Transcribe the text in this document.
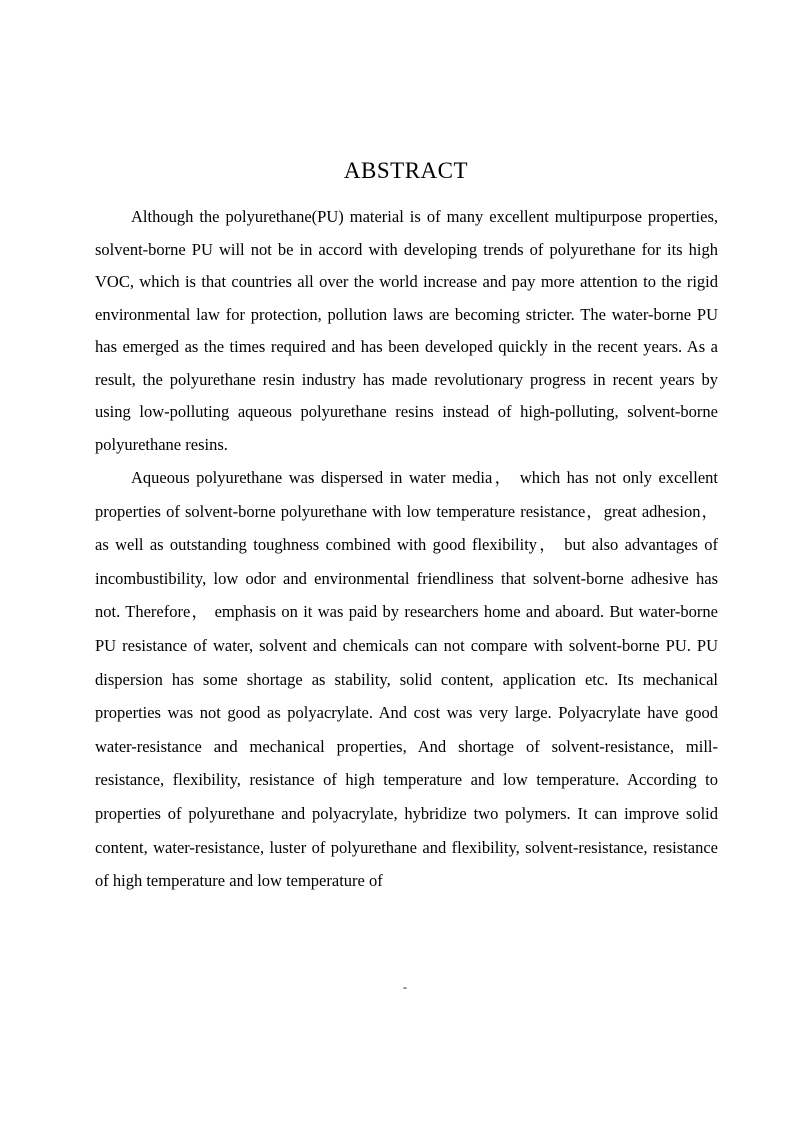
ABSTRACT

Although the polyurethane(PU) material is of many excellent multipurpose properties, solvent-borne PU will not be in accord with developing trends of polyurethane for its high VOC, which is that countries all over the world increase and pay more attention to the rigid environmental law for protection, pollution laws are becoming stricter. The water-borne PU has emerged as the times required and has been developed quickly in the recent years. As a result, the polyurethane resin industry has made revolutionary progress in recent years by using low-polluting aqueous polyurethane resins instead of high-polluting, solvent-borne polyurethane resins.

Aqueous polyurethane was dispersed in water media， which has not only excellent properties of solvent-borne polyurethane with low temperature resistance，great adhesion，as well as outstanding toughness combined with good flexibility， but also advantages of incombustibility, low odor and environmental friendliness that solvent-borne adhesive has not. Therefore， emphasis on it was paid by researchers home and aboard. But water-borne PU resistance of water, solvent and chemicals can not compare with solvent-borne PU. PU dispersion has some shortage as stability, solid content, application etc. Its mechanical properties was not good as polyacrylate. And cost was very large. Polyacrylate have good water-resistance and mechanical properties, And shortage of solvent-resistance, mill-resistance, flexibility, resistance of high temperature and low temperature. According to properties of polyurethane and polyacrylate, hybridize two polymers. It can improve solid content, water-resistance, luster of polyurethane and flexibility, solvent-resistance, resistance of high temperature and low temperature of

-
